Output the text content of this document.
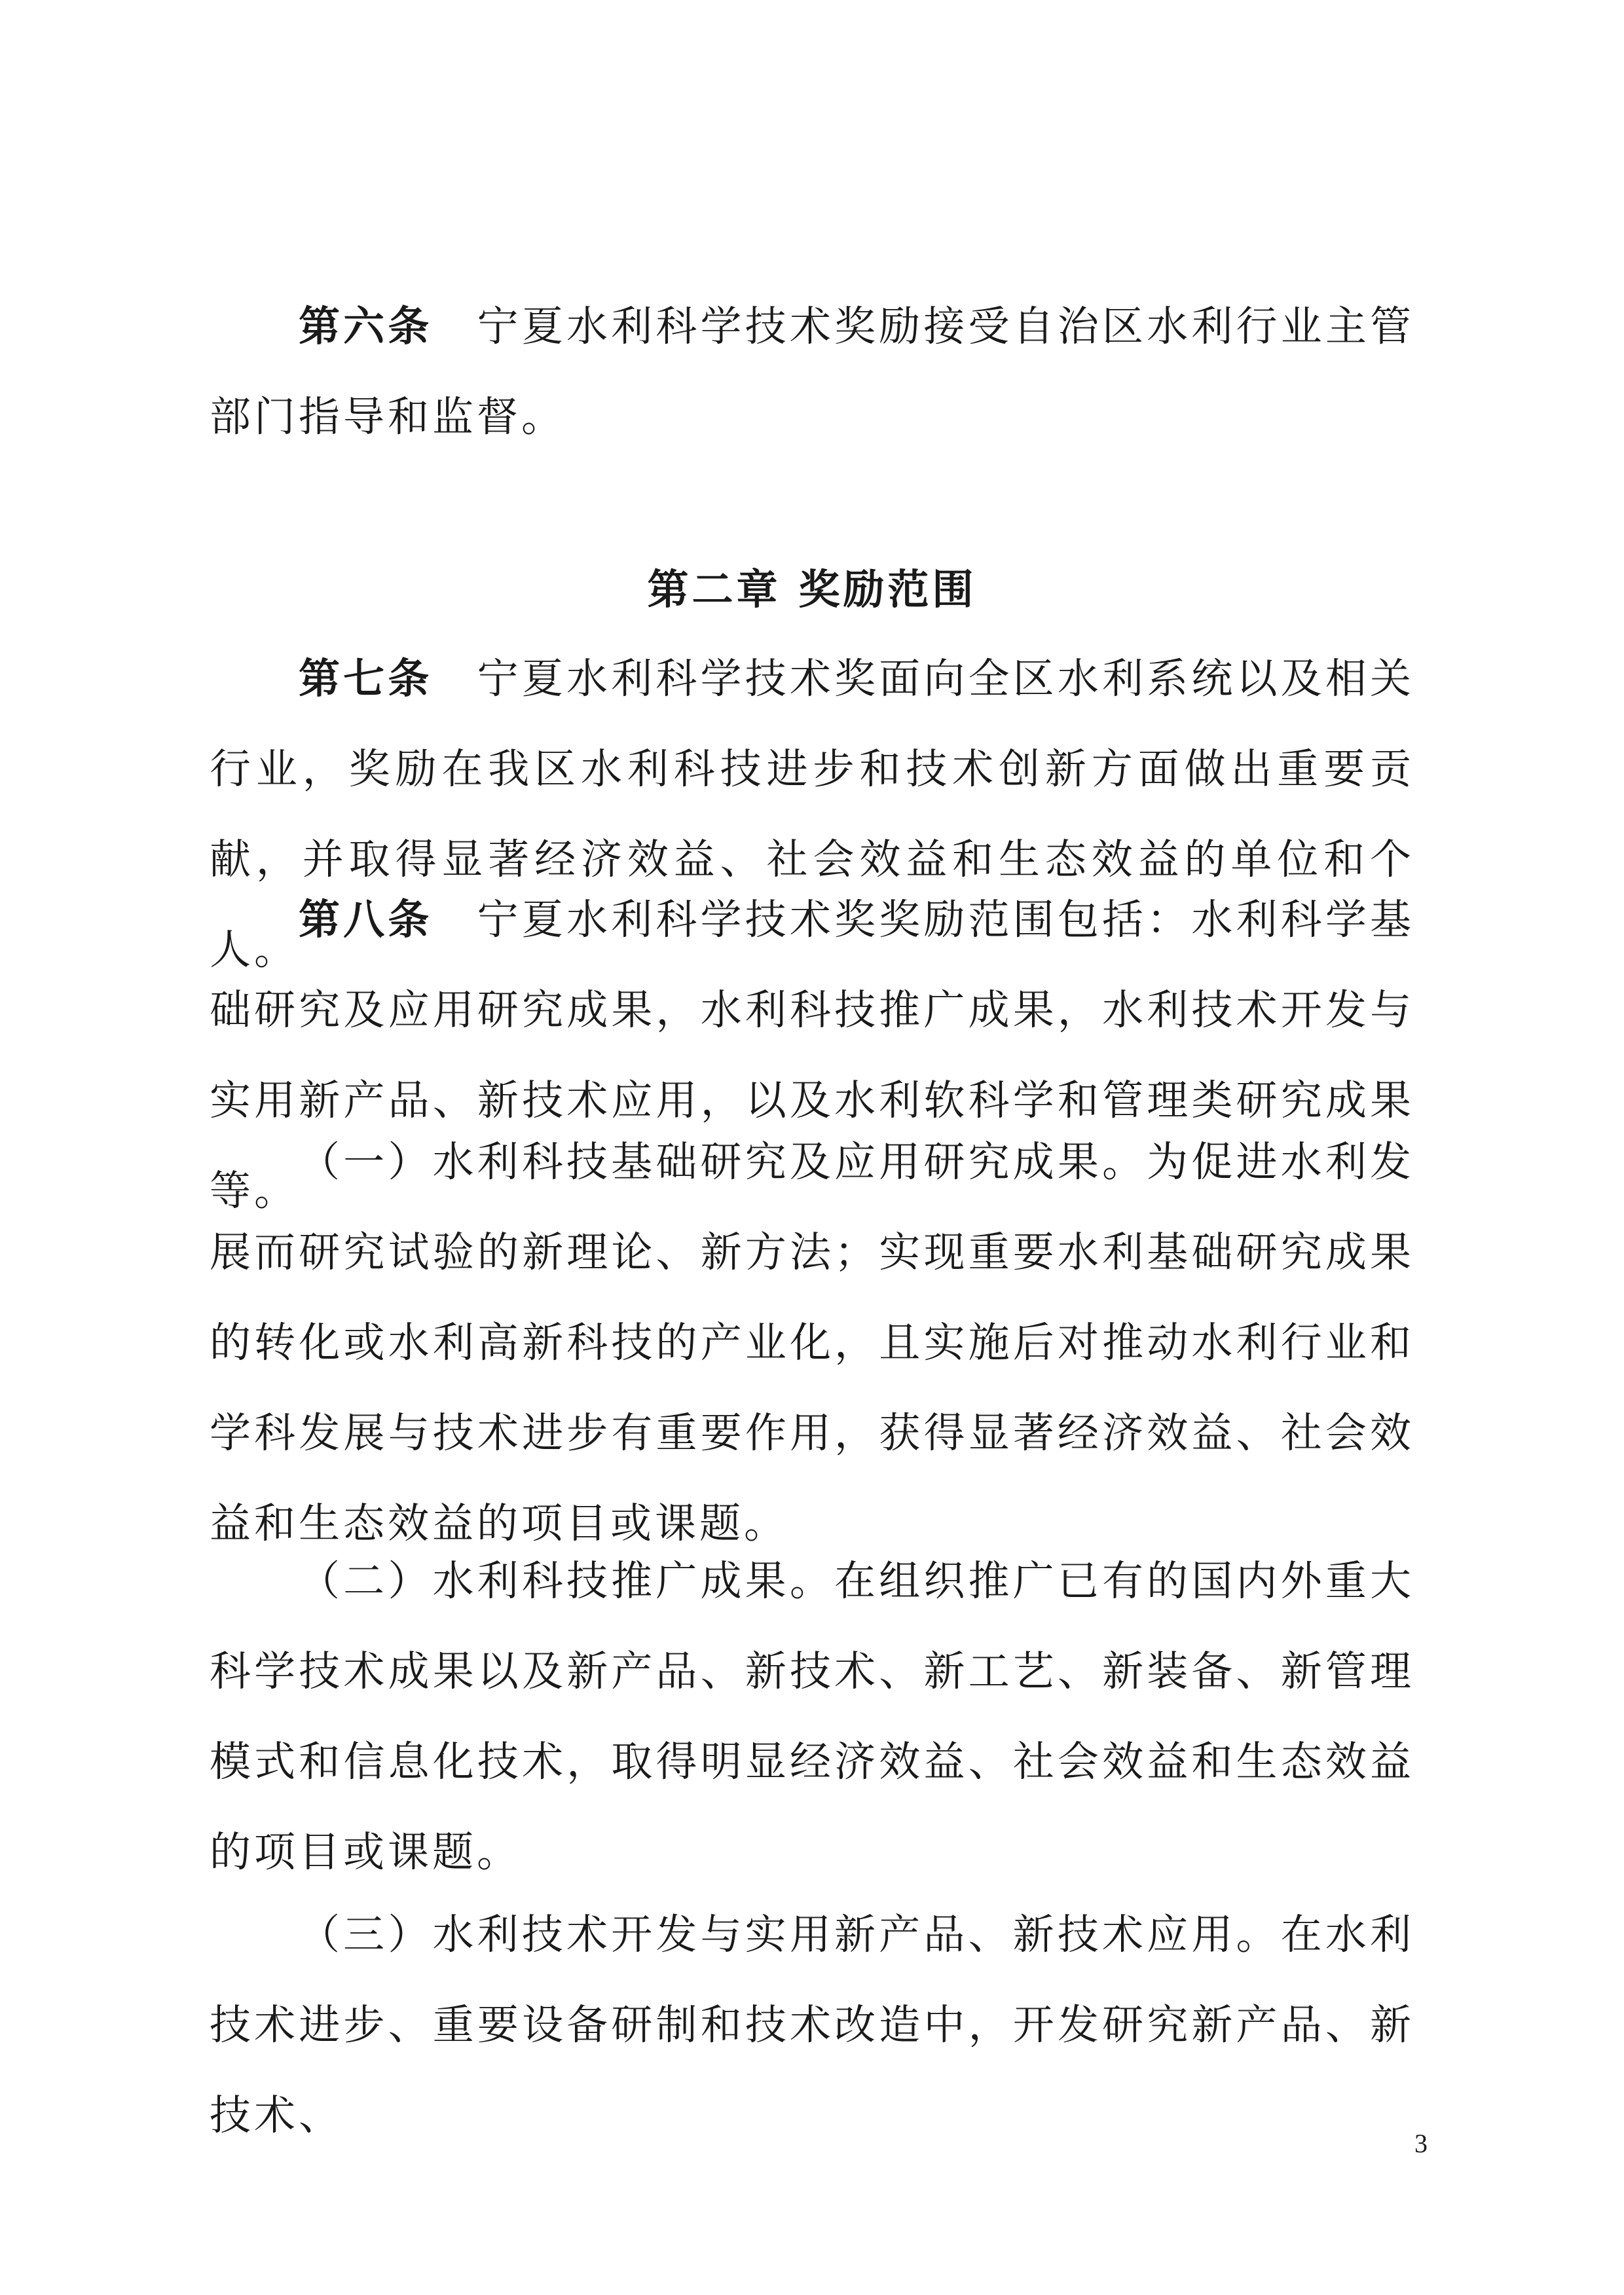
第六条  宁夏水利科学技术奖励接受自治区水利行业主管部门指导和监督。

第二章 奖励范围

第七条  宁夏水利科学技术奖面向全区水利系统以及相关行业，奖励在我区水利科技进步和技术创新方面做出重要贡献，并取得显著经济效益、社会效益和生态效益的单位和个人。

第八条  宁夏水利科学技术奖奖励范围包括：水利科学基础研究及应用研究成果，水利科技推广成果，水利技术开发与实用新产品、新技术应用，以及水利软科学和管理类研究成果等。

（一）水利科技基础研究及应用研究成果。为促进水利发展而研究试验的新理论、新方法；实现重要水利基础研究成果的转化或水利高新科技的产业化，且实施后对推动水利行业和学科发展与技术进步有重要作用，获得显著经济效益、社会效益和生态效益的项目或课题。

（二）水利科技推广成果。在组织推广已有的国内外重大科学技术成果以及新产品、新技术、新工艺、新装备、新管理模式和信息化技术，取得明显经济效益、社会效益和生态效益的项目或课题。

（三）水利技术开发与实用新产品、新技术应用。在水利技术进步、重要设备研制和技术改造中，开发研究新产品、新技术、

3
